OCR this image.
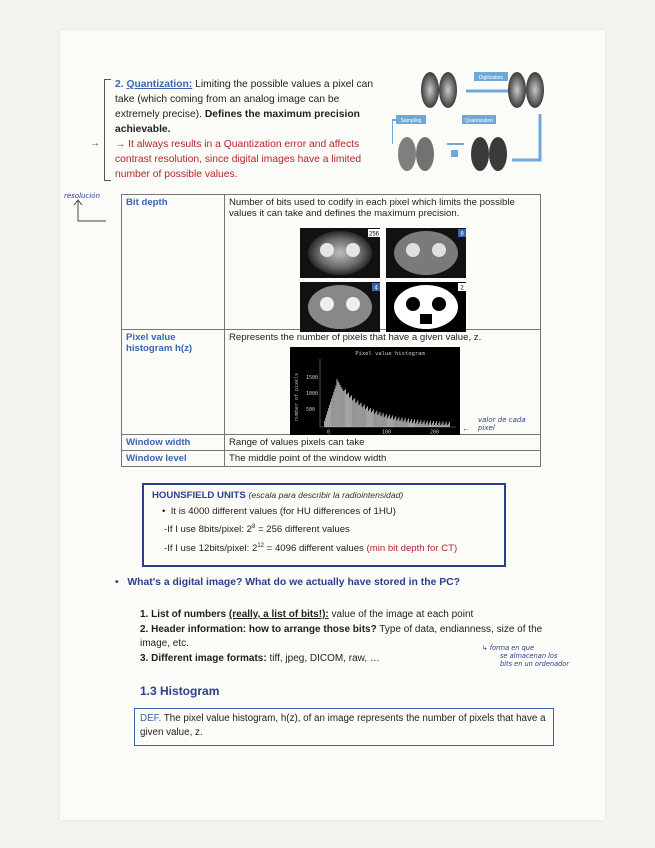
→
2. Quantization: Limiting the possible values a pixel can take (which coming from an analog image can be extremely precise). Defines the maximum precision achievable.
→ It always results in a Quantization error and affects contrast resolution, since digital images have a limited number of possible values.
Digitization
Sampling	Quantization
resolución
Bit depth	Number of bits used to codify in each pixel which limits the possible values it can take and defines the maximum precision.

Pixel value histogram h(z)	Represents the number of pixels that have a given value, z.

Window width	Range of values pixels can take
Window level	The middle point of the window width
256	8
4	2
Pixel value histogram
number of pixels 1500
1000
500
0	100	200
valor de cada pixel
←
HOUNSFIELD UNITS (escala para describir la radiointensidad)
•  It is 4000 different values (for HU differences of 1HU)
-If I use 8bits/pixel: $2^8 = 256$ different values
-If I use 12bits/pixel: $2^{12} = 4096$ different values (min bit depth for CT)
•   What's a digital image? What do we actually have stored in the PC?
1. List of numbers (really, a list of bits!): value of the image at each point
2. Header information: how to arrange those bits? Type of data, endianness, size of the image, etc.
3. Different image formats: tiff, jpeg, DICOM, raw, …
↳ forma en que
se almacenan los
bits en un ordenador
1.3 Histogram
DEF. The pixel value histogram, h(z), of an image represents the number of pixels that have a given value, z.
